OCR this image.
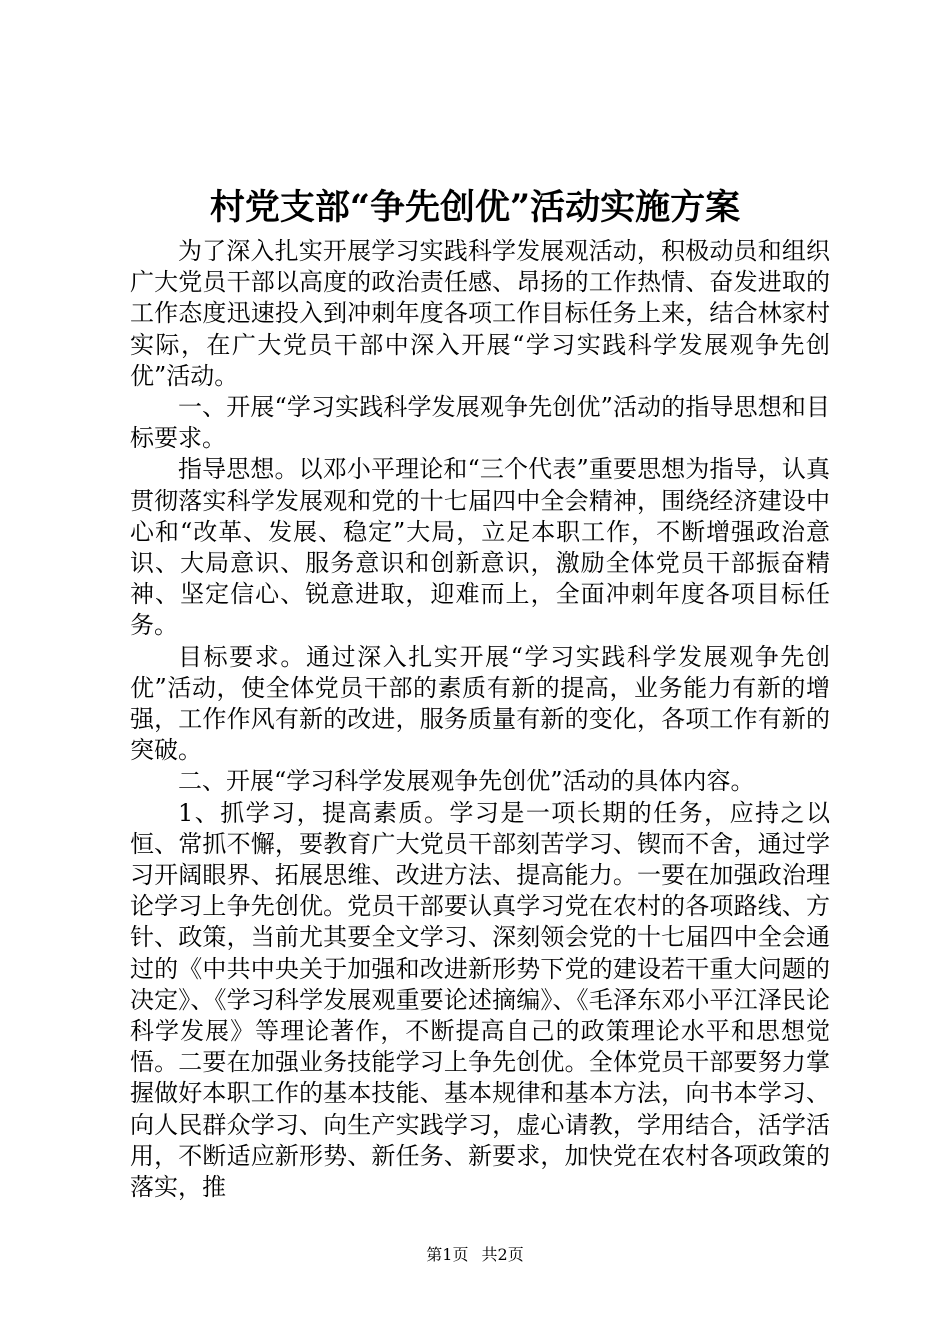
村党支部“争先创优”活动实施方案

为了深入扎实开展学习实践科学发展观活动，积极动员和组织广大党员干部以高度的政治责任感、昂扬的工作热情、奋发进取的工作态度迅速投入到冲刺年度各项工作目标任务上来，结合林家村实际，在广大党员干部中深入开展“学习实践科学发展观争先创优”活动。

一、开展“学习实践科学发展观争先创优”活动的指导思想和目标要求。

指导思想。以邓小平理论和“三个代表”重要思想为指导，认真贯彻落实科学发展观和党的十七届四中全会精神，围绕经济建设中心和“改革、发展、稳定”大局，立足本职工作，不断增强政治意识、大局意识、服务意识和创新意识，激励全体党员干部振奋精神、坚定信心、锐意进取，迎难而上，全面冲刺年度各项目标任务。

目标要求。通过深入扎实开展“学习实践科学发展观争先创优”活动，使全体党员干部的素质有新的提高，业务能力有新的增强，工作作风有新的改进，服务质量有新的变化，各项工作有新的突破。

二、开展“学习科学发展观争先创优”活动的具体内容。

1、抓学习，提高素质。学习是一项长期的任务，应持之以恒、常抓不懈，要教育广大党员干部刻苦学习、锲而不舍，通过学习开阔眼界、拓展思维、改进方法、提高能力。一要在加强政治理论学习上争先创优。党员干部要认真学习党在农村的各项路线、方针、政策，当前尤其要全文学习、深刻领会党的十七届四中全会通过的《中共中央关于加强和改进新形势下党的建设若干重大问题的决定》、《学习科学发展观重要论述摘编》、《毛泽东邓小平江泽民论科学发展》等理论著作，不断提高自己的政策理论水平和思想觉悟。二要在加强业务技能学习上争先创优。全体党员干部要努力掌握做好本职工作的基本技能、基本规律和基本方法，向书本学习、向人民群众学习、向生产实践学习，虚心请教，学用结合，活学活用，不断适应新形势、新任务、新要求，加快党在农村各项政策的落实，推

第1页 共2页
